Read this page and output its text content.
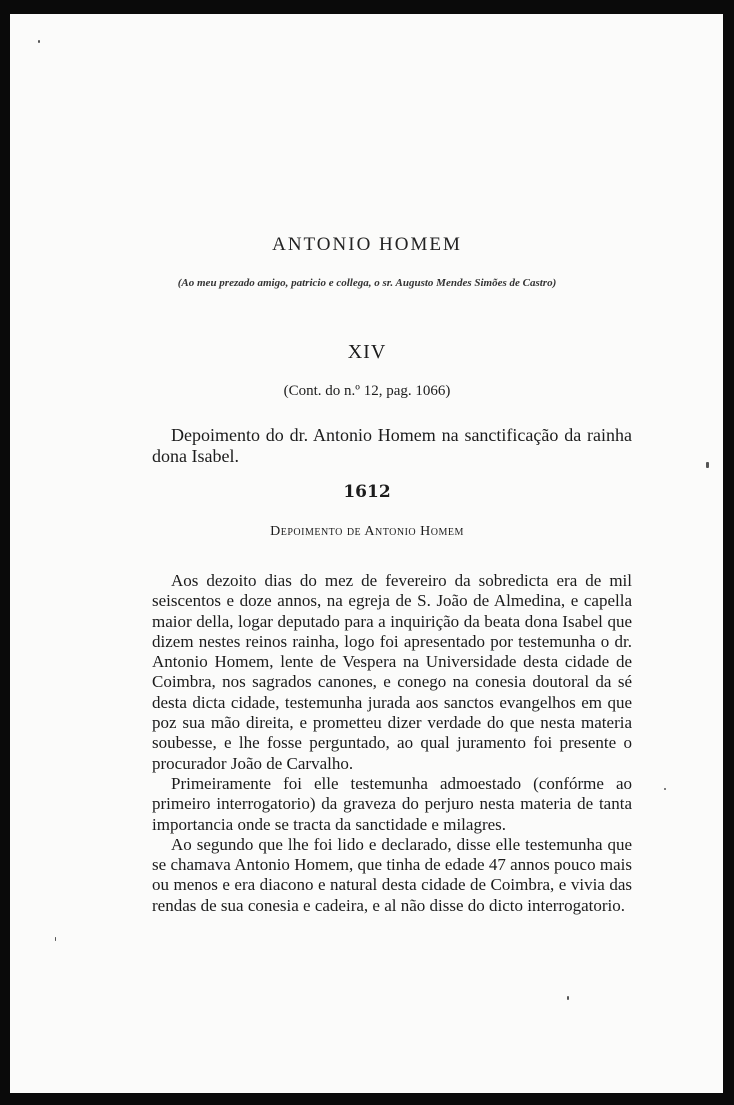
ANTONIO HOMEM
(Ao meu prezado amigo, patricio e collega, o sr. Augusto Mendes Simões de Castro)
XIV
(Cont. do n.º 12, pag. 1066)
Depoimento do dr. Antonio Homem na sanctificação da rainha dona Isabel.
1612
Depoimento de Antonio Homem

Aos dezoito dias do mez de fevereiro da sobredicta era de mil seiscentos e doze annos, na egreja de S. João de Almedina, e capella maior della, logar deputado para a inquirição da beata dona Isabel que dizem nestes reinos rainha, logo foi apresentado por testemunha o dr. Antonio Homem, lente de Vespera na Universidade desta cidade de Coimbra, nos sagrados canones, e conego na conesia doutoral da sé desta dicta cidade, testemunha jurada aos sanctos evangelhos em que poz sua mão direita, e prometteu dizer verdade do que nesta materia soubesse, e lhe fosse perguntado, ao qual juramento foi presente o procurador João de Carvalho.

Primeiramente foi elle testemunha admoestado (confórme ao primeiro interrogatorio) da graveza do perjuro nesta materia de tanta importancia onde se tracta da sanctidade e milagres.

Ao segundo que lhe foi lido e declarado, disse elle testemunha que se chamava Antonio Homem, que tinha de edade 47 annos pouco mais ou menos e era diacono e natural desta cidade de Coimbra, e vivia das rendas de sua conesia e cadeira, e al não disse do dicto interrogatorio.
